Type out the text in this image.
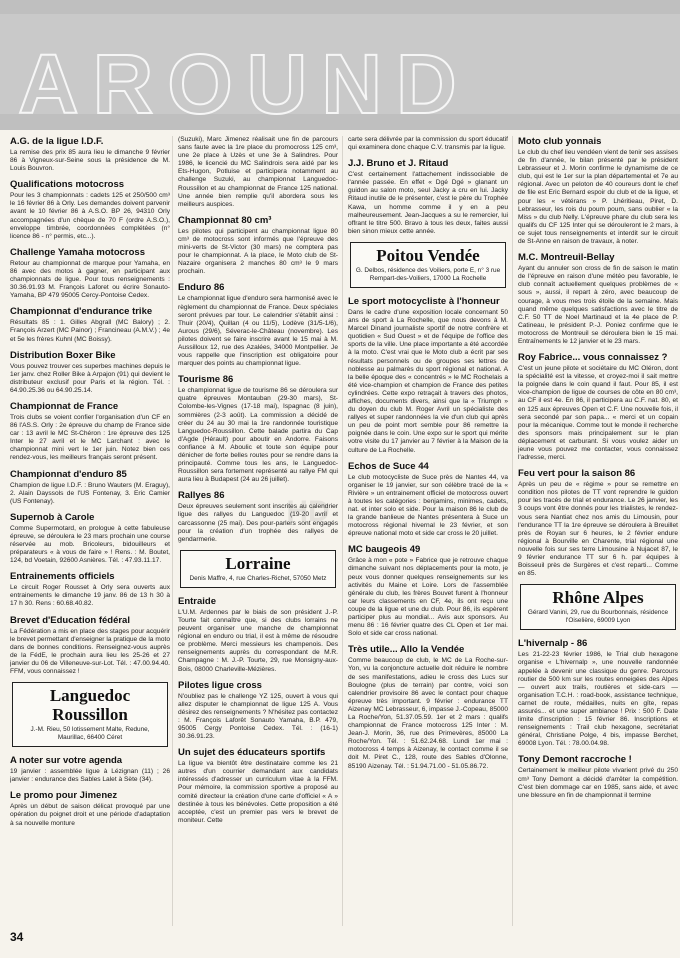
AROUND
A.G. de la ligue I.D.F.

La remise des prix 85 aura lieu le dimanche 9 février 86 à Vigneux-sur-Seine sous la présidence de M. Louis Bouvron.

Qualifications motocross

Pour les 3 championnats : cadets 125 et 250/500 cm³ le 16 février 86 à Orly. Les demandes doivent parvenir avant le 10 février 86 à A.S.O. BP 26, 94310 Orly accompagnées d'un chèque de 70 F (ordre A.S.O.), enveloppe timbrée, coordonnées complétées (n° licence 86 - n° permis, etc...).

Challenge Yamaha motocross

Retour au championnat de marque pour Yamaha, en 86 avec des motos à gagner, en participant aux championnats de ligue. Pour tous renseignements : 30.36.91.93 M. François Laforet ou écrire Sonauto-Yamaha, BP 479 95005 Cercy-Pontoise Cedex.

Championnat d'endurance trike

Résultats 85 : 1. Gilles Abgrall (MC Balory) ; 2. François Arzert (MC Painor) ; Francineau (A.M.V.) ; 4e et 5e les frères Kuhnl (MC Boissy).

Distribution Boxer Bike

Vous pouvez trouver ces superbes machines depuis le 1er janv. chez Roller Bike à Arpajon (91) qui devient le distributeur exclusif pour Paris et la région. Tél. : 64.90.25.36 ou 64.90.25.14.

Championnat de France

Trois clubs se voient confier l'organisation d'un CF en 86 l'AS.S. Orly : 2e épreuve du champ de France side car : 13 avril le MC St-Chéron : 1re épreuve des 125 Inter le 27 avril et le MC Larchant : avec le championnat mini vert le 1er juin. Notez bien ces rendez-vous, les meilleurs français seront présent.

Championnat d'enduro 85

Champion de ligue I.D.F. : Bruno Wauters (M. Eraguy), 2. Alain Dayssols de l'US Fontenay, 3. Eric Camier (US Fontenay).

Supernob à Carole

Comme Supermotard, en prologue à cette fabuleuse épreuve, se déroulera le 23 mars prochain une course réservée au mob. Bricoleurs, bidouilleurs et préparateurs « à vous de faire » ! Rens. : M. Boutet, 124, bd Voetain, 92600 Asnières. Tél. : 47.93.11.17.

Entrainements officiels

Le circuit Roger Rousset à Orly sera ouverts aux entrainements le dimanche 19 janv. 86 de 13 h 30 à 17 h 30. Rens : 60.68.40.82.

Brevet d'Education fédéral

La Fédération a mis en place des stages pour acquérir le brevet permettant d'enseigner la pratique de la moto dans de bonnes conditions. Renseignez-vous auprès de la FédE, le prochain aura lieu les 25-26 et 27 janvier du 06 de Villeneuve-sur-Lot. Tél. : 47.00.94.40. FFM, vous connaissez !

Languedoc Roussillon
J.-M. Rieu, 50 lotissement Malte, Redune, Maurillac, 66400 Céret
A noter sur votre agenda

19 janvier : assemblée ligue à Lézignan (11) ; 26 janvier : endurance des Sables Lalet à Sète (34).

Le promo pour Jimenez

Après un début de saison délicat provoqué par une opération du poignet droit et une période d'adaptation à sa nouvelle monture

(Suzuki), Marc Jimenez réalisait une fin de parcours sans faute avec la 1re place du promocross 125 cm³, une 2e place à Uzès et une 3e à Salindres. Pour 1986, le licencié du MC Salindrois sera aidé par les Ets-Hugon, Potluise et participera notamment au challenge Suzuki, au championnat Languedoc-Roussillon et au championnat de France 125 national. Une année bien remplie qu'il abordera sous les meilleurs auspices.

Championnat 80 cm³

Les pilotes qui participent au championnat ligue 80 cm³ de motocross sont informés que l'épreuve des mini-verts de St-Victor (30 mars) ne comptera pas pour le championnat. A la place, le Moto club de St-Nazaire organisera 2 manches 80 cm³ le 9 mars prochain.

Enduro 86

Le championnat ligue d'enduro sera harmonisé avec le règlement du championnat de France. Deux spéciales seront prévues par tour. Le calendrier s'établit ainsi : Thuir (20/4), Quillan (4 ou 11/5), Lodève (31/5-1/6), Aurous (29/6), Séverac-le-Château (novembre). Les pilotes doivent se faire inscrire avant le 15 mai à M. Aussilloux 12, rue des Azalées, 34000 Montpellier. Je vous rappelle que l'inscription est obligatoire pour marquer des points au championnat ligue.

Tourisme 86

Le championnat ligue de tourisme 86 se déroulera sur quatre épreuves Montauban (29-30 mars), St-Colombe-les-Vignes (17-18 mai), Ispagnac (8 juin), sommières (2-3 août). La commission a décidé de créer du 24 au 30 mai la 1re randonnée touristique Languedoc-Roussillon. Cette balade partira du Cap d'Agde (Hérault) pour aboutir en Andorre. Faisons confiance à M. Aboulic et toute son équipe pour dénicher de forte belles routes pour se rendre dans la principauté. Comme tous les ans, le Languedoc-Roussillon sera fortement représenté au rallye FM qui aura lieu à Budapest (24 au 26 juillet).

Rallyes 86

Deux épreuves seulement sont inscrites au calendrier ligue des rallyes du Languedoc (19-20 avril et carcassonne (25 mai). Des pour-parlers sont engagés pour la création d'un trophée des rallyes de gendarmerie.

Lorraine
Denis Maffre, 4, rue Charles-Richet, 57050 Metz
Entraide

L'U.M. Ardennes par le biais de son président J.-P. Tourte fait connaître que, si des clubs lorrains ne peuvent organiser une manche de championnat régional en enduro ou trial, il est à même de résoudre ce problème. Merci messieurs les champenois. Des renseignements auprès du correspondant de M.R. Champagne : M. J.-P. Tourte, 29, rue Monsigny-aux-Bois, 08000 Charleville-Mézières.

Pilotes ligue cross

N'oubliez pas le challenge YZ 125, ouvert à vous qui allez disputer le championnat de ligue 125 A. Vous désirez des renseignements ? N'hésitez pas contactez : M. François Laforêt Sonauto Yamaha, B.P. 479, 95005 Cergy Pontoise Cedex. Tél. : (16-1) 30.36.91.23.

Un sujet des éducateurs sportifs

La ligue va bientôt être destinataire comme les 21 autres d'un courrier demandant aux candidats intéressés d'adresser un curriculum vitae à la FFM. Pour mémoire, la commission sportive a proposé au comité directeur la création d'une carte d'officiel « A » destinée à tous les bénévoles. Cette proposition a été acceptée, c'est un premier pas vers le brevet de moniteur. Cette

carte sera délivrée par la commission du sport éducatif qui examinera donc chaque C.V. transmis par la ligue.

J.J. Bruno et J. Ritaud

C'est certainement l'attachement indissociable de l'année passée. En effet « Dgé Dgé » glanant un guidon au salon moto, seul Jacky a cru en lui. Jacky Ritaud inutile de le présenter, c'est le père du Trophée Kawa, un homme comme il y en a peu malheureusement. Jean-Jacques a su le remercier, lui offrant le titre 500. Bravo à tous les deux, faites aussi bien sinon mieux cette année.

Poitou Vendée
G. Delbos, résidence des Voiliers, porte E, n° 3 rue Rempart-des-Voiliers, 17000 La Rochelle
Le sport motocycliste à l'honneur

Dans le cadre d'une exposition locale concernant 50 ans de sport à La Rochelle, que nous devons à M. Marcel Dinand journaliste sportif de notre confrère et quotidien « Sud Ouest » et de l'équipe de l'office des sports de la ville. Une place importante a été accordée à la moto. C'est vrai que le Moto club a écrit par ses résultats personnels ou de groupes ses lettres de noblesse au palmarès du sport régional et national. A la belle époque des « concentrés » le MC Rochelais a été vice-champion et champion de France des petites cylindrées. Cette expo retraçait à travers des photos, affiches, documents divers, ainsi que la « Triumph » du doyen du club M. Roger Avril un spécialiste des rallyes et super randonnées la vie d'un club qui après un peu de point mort semble pour 86 remettre la poignée dans le coin. Une expo sur le sport qui mérite votre visite du 17 janvier au 7 février à la Maison de la culture de La Rochelle.

Echos de Suce 44

Le club motocycliste de Suce près de Nantes 44, va organiser le 19 janvier, sur son célèbre tracé de la « Rivière » un entrainement officiel de motocross ouvert à toutes les catégories : benjamins, minimes, cadets, nat. et inter solo et side. Pour la maison 86 le club de la grande banlieue de Nantes présentera à Suce un motocross régional hivernal le 23 février, et son épreuve national moto et side car cross le 20 juillet.

MC baugeois 49

Grâce à mon « pote » Fabrice que je retrouve chaque dimanche suivant nos déplacements pour la moto, je peux vous donner quelques renseignements sur les activités du Maine et Loire. Lors de l'assemblée générale du club, les frères Bouvet furent à l'honneur car leurs classements en CF, 4e, ils ont reçu une coupe de la ligue et une du club. Pour 86, ils espèrent participer plus au mondial... Avis aux sponsors. Au menu 86 : 16 février quatre des CL Open et 1er mai. Solo et side car cross national.

Très utile... Allo la Vendée

Comme beaucoup de club, le MC de La Roche-sur-Yon, vu la conjoncture actuelle doit réduire le nombre de ses manifestations, adieu le cross des Lucs sur Boulogne (plus de terrain) par contre, voici son calendrier provisoire 86 avec le contact pour chaque épreuve très important. 9 février : endurance TT Aizenay MC Lebrasseur, 6, impasse J.-Copeau, 85000 La Roche/Yon, 51.37.05.59. 1er et 2 mars : qualifs championnat de France motocross 125 Inter : M. Jean-J. Morin, 36, rue des Primevères, 85000 La Roche/Yon. Tél. : 51.62.24.68. Lundi 1er mai : motocross 4 temps à Aizenay, le contact comme il se doit M. Piret C., 128, route des Sables d'Olonne, 85190 Aizenay. Tél. : 51.94.71.00 - 51.05.86.72.

Moto club yonnais

Le club du chef lieu vendéen vient de tenir ses assises de fin d'année, le bilan présenté par le président Lebrasseur et J. Morin confirme le dynamisme de ce club, qui est le 1er sur la plan départemental et 7e au régional. Avec un peloton de 40 coureurs dont le chef de file est Eric Bernard espoir du club et de la ligue, et pour les « vétérans » P. Lhéritieau, Piret, D. Lebrasseur, les rois du poum poum, sans oublier « la Miss » du club Nelly. L'épreuve phare du club sera les qualifs du CF 125 Inter qui se dérouleront le 2 mars, à ce sujet tous renseignements et interdit sur le circuit de St-Anne en raison de travaux, à noter.

M.C. Montreuil-Bellay

Ayant du annuler son cross de fin de saison le matin de l'épreuve en raison d'une météo peu favorable, le club connaît actuellement quelques problèmes de « sous », aussi, il repart à zéro, avec beaucoup de courage, à vous mes trois étoile de la semaine. Mais quand même quelques satisfactions avec le titre de C.F. 50 TT de Noel Martinaud et la 4e place de P. Catineau, le président P.-J. Poniez confirme que le motocross de Montreuil se déroulera bien le 15 mai. Entraînements le 12 janvier et le 23 mars.

Roy Fabrice... vous connaissez ?

C'est un jeune pilote et sociétaire du MC Oléron, dont la spécialité est la vitesse, et croyez-moi il sait mettre la poignée dans le coin quand il faut. Pour 85, il est vice-champion de ligue de courses de côte en 80 cm³, au CF il est 4e. En 86, il participera au C.F. nat. 80, et en 125 aux épreuves Open et C.F. Une nouvelle fois, il sera secondé par son papa... « merci et un copain pour la mécanique. Comme tout le monde il recherche des sponsors mais principalement sur le plan déplacement et carburant. Si vous voulez aider un jeune vous pouvez me contacter, vous connaissez l'adresse, merci.

Feu vert pour la saison 86

Après un peu de « régime » pour se remettre en condition nos pilotes de TT vont reprendre le guidon pour les tracés de trial et endurance. Le 26 janvier, les 3 coups vont être donnés pour les trialistes, le rendez-vous sera Nantiat chez nos amis du Limousin, pour l'endurance TT la 1re épreuve se déroulera à Breuillet près de Royan sur 6 heures, le 2 février endure régional à Bourville en Charente, trial régional une nouvelle fois sur ses terre Limousine à Nujacet 87, le 9 février endurance TT sur 6 h. par équipes à Boisseuil près de Surgères et c'est reparti... Comme en 85.

Rhône Alpes
Gérard Vanini, 29, rue du Bourbonnais, résidence l'Oiselière, 69009 Lyon
L'hivernalp - 86

Les 21-22-23 février 1986, le Trial club hexagone organise « L'hivernalp », une nouvelle randonnée appelée à devenir une classique du genre. Parcours routier de 500 km sur les routes enneigées des Alpes — ouvert aux trails, routières et side-cars — organisation T.C.H. : road-book, assistance technique, carnet de route, médailles, nuits en gîte, repas assurés... et une super ambiance ! Prix : 500 F. Date limite d'inscription : 15 février 86. Inscriptions et renseignements : Trail club hexagone, secrétariat général, Christiane Polge, 4 bis, impasse Berchet, 69008 Lyon. Tél. : 78.00.04.98.

Tony Demont raccroche !

Certainement le meilleur pilote vivarient privé du 250 cm³ Tony Demont a décidé d'arrêter la compétition. C'est bien dommage car en 1985, sans aide, et avec une blessure en fin de championnat il termine

HD
34
